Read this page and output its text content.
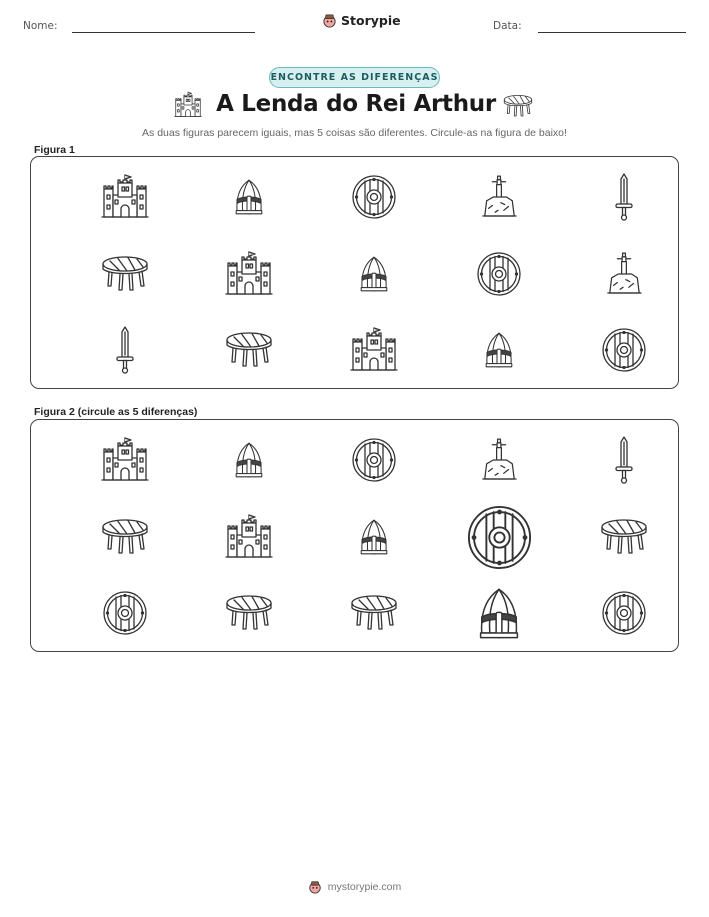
Nome:	Storypie	Data:
ENCONTRE AS DIFERENÇAS
A Lenda do Rei Arthur
As duas figuras parecem iguais, mas 5 coisas são diferentes. Circule-as na figura de baixo!
Figura 1
Figura 2 (circule as 5 diferenças)
mystorypie.com
